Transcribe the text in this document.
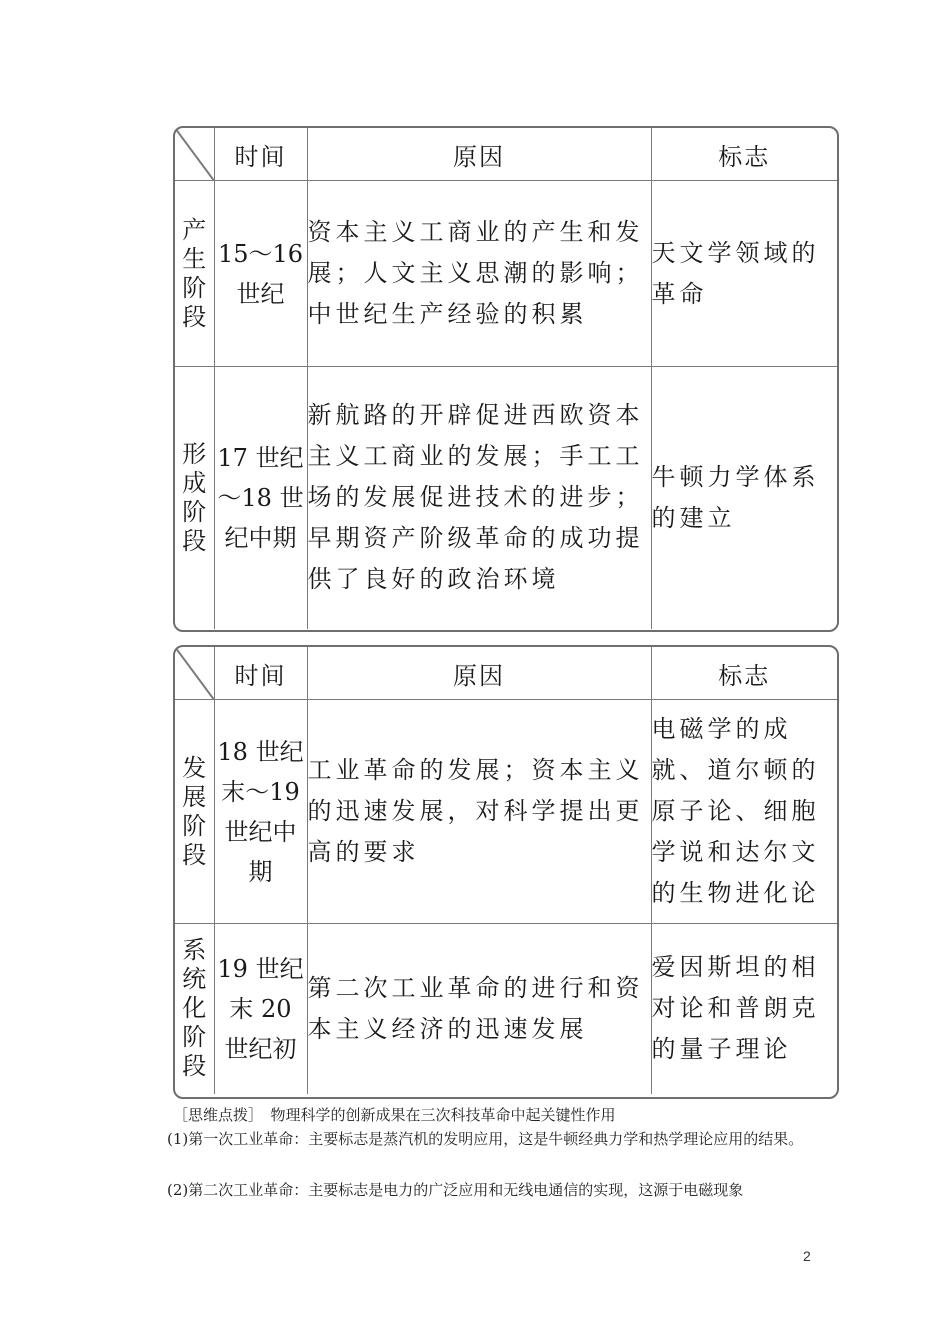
	时间	原因	标志

产
生
阶
段	15～16 世纪	资本主义工商业的产生和发展；人文主义思潮的影响；中世纪生产经验的积累	天文学领域的革命

形
成
阶
段	17 世纪～18 世纪中期	新航路的开辟促进西欧资本主义工商业的发展；手工工场的发展促进技术的进步；早期资产阶级革命的成功提供了良好的政治环境	牛顿力学体系的建立
	时间	原因	标志

发
展
阶
段	18 世纪末～19 世纪中期	工业革命的发展；资本主义的迅速发展，对科学提出更高的要求	电磁学的成就、道尔顿的原子论、细胞学说和达尔文的生物进化论

系
统
化
阶
段	19 世纪末 20 世纪初	第二次工业革命的进行和资本主义经济的迅速发展	爱因斯坦的相对论和普朗克的量子理论
［思维点拨］　物理科学的创新成果在三次科技革命中起关键性作用
　　(1)第一次工业革命：主要标志是蒸汽机的发明应用，这是牛顿经典力学和热学理论应用的结果。
　　(2)第二次工业革命：主要标志是电力的广泛应用和无线电通信的实现，这源于电磁现象
2
